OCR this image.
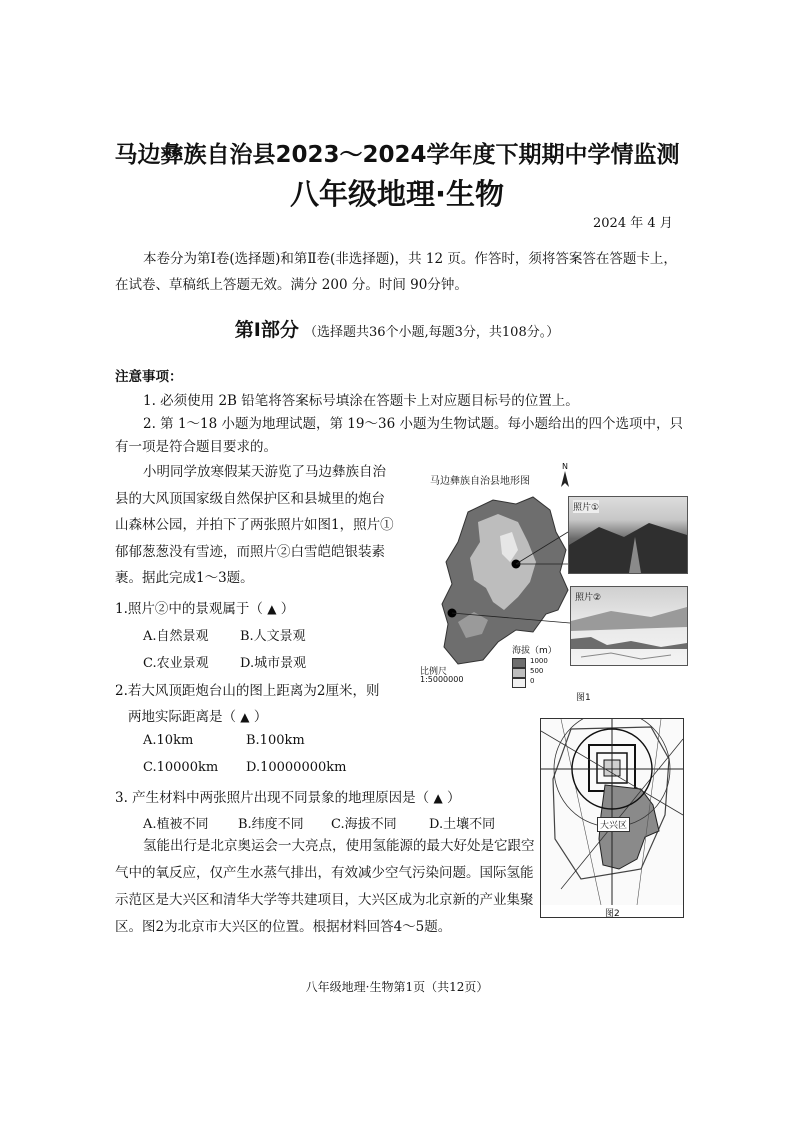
马边彝族自治县2023～2024学年度下期期中学情监测
八年级地理·生物
2024 年 4 月
本卷分为第Ⅰ卷(选择题)和第Ⅱ卷(非选择题)，共 12 页。作答时，须将答案答在答题卡上，在试卷、草稿纸上答题无效。满分 200 分。时间 90分钟。
第Ⅰ部分 （选择题共36个小题,每题3分，共108分。）
注意事项：
1. 必须使用 2B 铅笔将答案标号填涂在答题卡上对应题目标号的位置上。
2. 第 1～18 小题为地理试题，第 19～36 小题为生物试题。每小题给出的四个选项中，只有一项是符合题目要求的。
小明同学放寒假某天游览了马边彝族自治县的大风顶国家级自然保护区和县城里的炮台山森林公园，并拍下了两张照片如图1，照片①郁郁葱葱没有雪迹，而照片②白雪皑皑银装素裹。据此完成1～3题。
1.照片②中的景观属于（ ▲ ）
A.自然景观 B.人文景观
C.农业景观 D.城市景观
2.若大风顶距炮台山的图上距离为2厘米，则
两地实际距离是（ ▲ ）
A.10km	B.100km
C.10000km D.10000000km
3. 产生材料中两张照片出现不同景象的地理原因是（ ▲ ）
A.植被不同 B.纬度不同 C.海拔不同 D.土壤不同
马边彝族自治县地形图
N
照片①
照片②
海拔（m）
1000
500
0
比例尺
1:5000000
图1
大兴区
图2
氢能出行是北京奥运会一大亮点，使用氢能源的最大好处是它跟空气中的氧反应，仅产生水蒸气排出，有效减少空气污染问题。国际氢能示范区是大兴区和清华大学等共建项目，大兴区成为北京新的产业集聚区。图2为北京市大兴区的位置。根据材料回答4～5题。
八年级地理·生物第1页（共12页）
